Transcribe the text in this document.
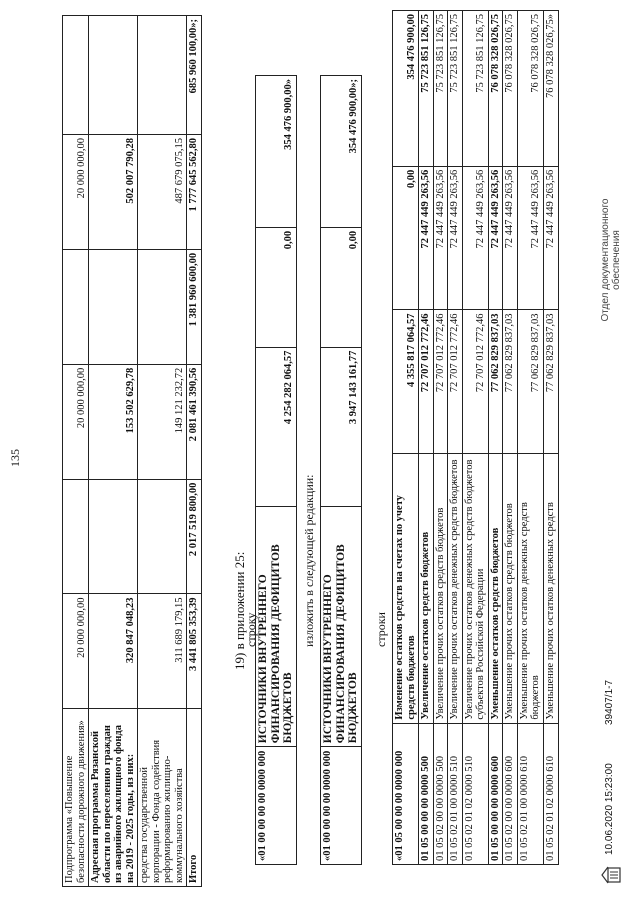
135
Подпрограмма «Повышение безопасности дорожного движения»	20 000 000,00		20 000 000,00		20 000 000,00	
Адресная программа Рязанской области по переселению граждан из аварийного жилищного фонда на 2019 - 2025 годы, из них:	320 847 048,23		153 502 629,78		502 007 790,28	
средства государственной корпорации - Фонда содействия реформированию жилищно-коммунального хозяйства	311 689 179,15		149 121 232,72		487 679 075,15	
Итого	3 441 805 353,39	2 017 519 800,00	2 081 461 390,56	1 381 960 600,00	1 777 645 562,80	685 960 100,00»;
19) в приложении 25:
строку
«01 00 00 00 00 0000 000	ИСТОЧНИКИ ВНУТРЕННЕГО ФИНАНСИРОВАНИЯ ДЕФИЦИТОВ БЮДЖЕТОВ	4 254 282 064,57	0,00	354 476 900,00»
изложить в следующей редакции:
«01 00 00 00 00 0000 000	ИСТОЧНИКИ ВНУТРЕННЕГО ФИНАНСИРОВАНИЯ ДЕФИЦИТОВ БЮДЖЕТОВ	3 947 143 161,77	0,00	354 476 900,00»;
строки
«01 05 00 00 00 0000 000	Изменение остатков средств на счетах по учету средств бюджетов	4 355 817 064,57	0,00	354 476 900,00
01 05 00 00 00 0000 500	Увеличение остатков средств бюджетов	72 707 012 772,46	72 447 449 263,56	75 723 851 126,75
01 05 02 00 00 0000 500	Увеличение прочих остатков средств бюджетов	72 707 012 772,46	72 447 449 263,56	75 723 851 126,75
01 05 02 01 00 0000 510	Увеличение прочих остатков денежных средств бюджетов	72 707 012 772,46	72 447 449 263,56	75 723 851 126,75
01 05 02 01 02 0000 510	Увеличение прочих остатков денежных средств бюджетов субъектов Российской Федерации	72 707 012 772,46	72 447 449 263,56	75 723 851 126,75
01 05 00 00 00 0000 600	Уменьшение остатков средств бюджетов	77 062 829 837,03	72 447 449 263,56	76 078 328 026,75
01 05 02 00 00 0000 600	Уменьшение прочих остатков средств бюджетов	77 062 829 837,03	72 447 449 263,56	76 078 328 026,75
01 05 02 01 00 0000 610	Уменьшение прочих остатков денежных средств бюджетов	77 062 829 837,03	72 447 449 263,56	76 078 328 026,75
01 05 02 01 02 0000 610	Уменьшение прочих остатков денежных средств	77 062 829 837,03	72 447 449 263,56	76 078 328 026,75»
10.06.2020 15:23:00
39407/1-7
Отдел документационного обеспечения
